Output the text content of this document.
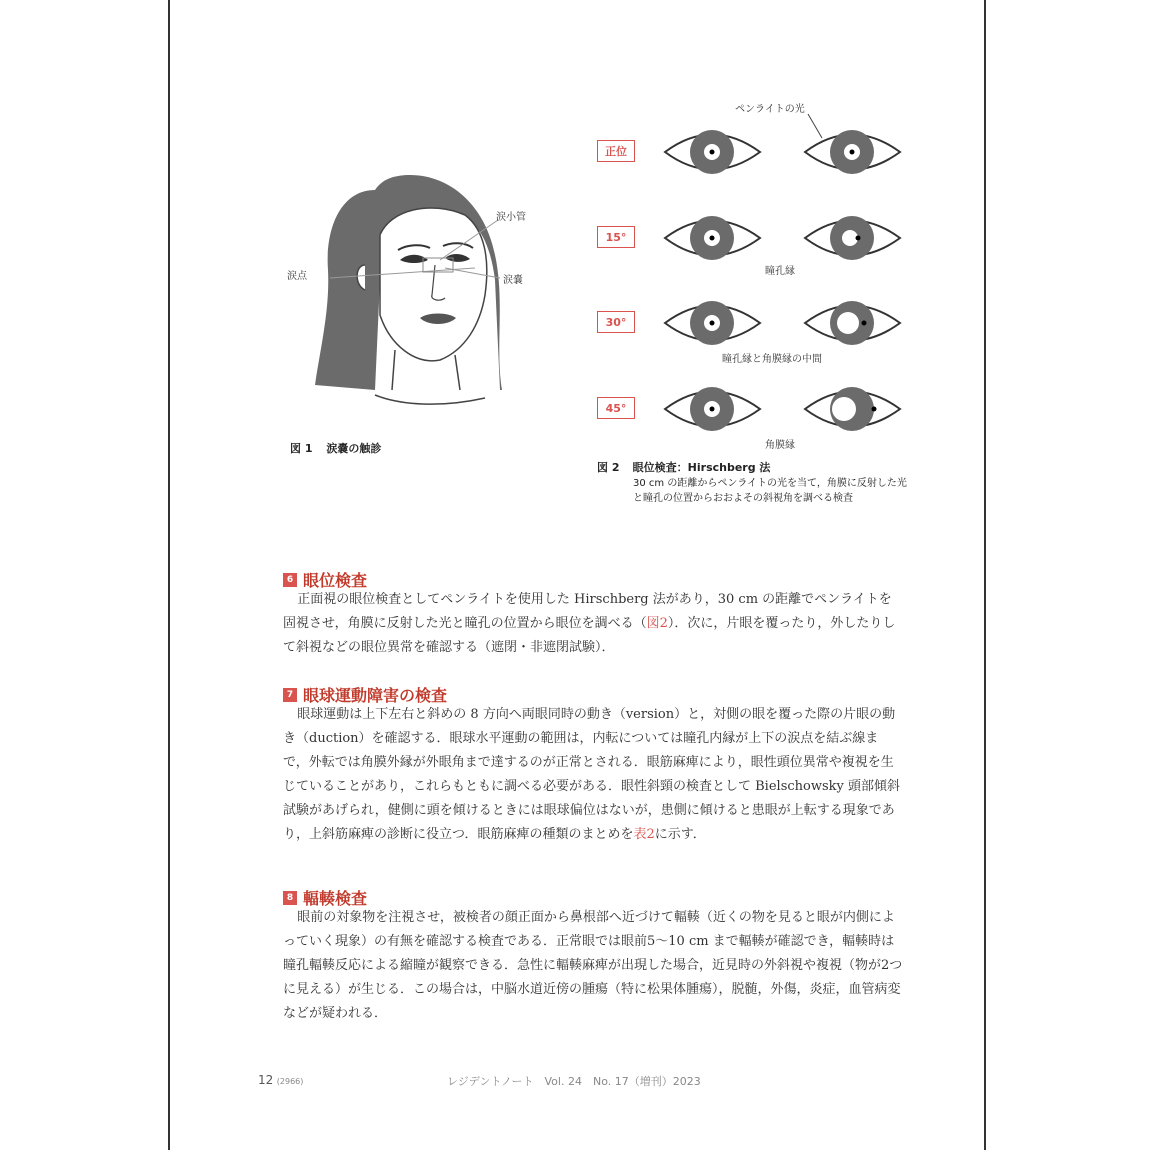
涙小管
涙点	涙嚢
図 1 涙嚢の触診
ペンライトの光
正位
15°
瞳孔縁
30°
瞳孔縁と角膜縁の中間
45°
角膜縁
図 2 眼位検査：Hirschberg 法
30 cm の距離からペンライトの光を当て，角膜に反射した光と瞳孔の位置からおおよその斜視角を調べる検査
6 眼位検査
正面視の眼位検査としてペンライトを使用した Hirschberg 法があり，30 cm の距離でペンライトを固視させ，角膜に反射した光と瞳孔の位置から眼位を調べる（図2）．次に，片眼を覆ったり，外したりして斜視などの眼位異常を確認する（遮閉・非遮閉試験）．
7 眼球運動障害の検査
眼球運動は上下左右と斜めの 8 方向へ両眼同時の動き（version）と，対側の眼を覆った際の片眼の動き（duction）を確認する．眼球水平運動の範囲は，内転については瞳孔内縁が上下の涙点を結ぶ線まで，外転では角膜外縁が外眼角まで達するのが正常とされる．眼筋麻痺により，眼性頭位異常や複視を生じていることがあり，これらもともに調べる必要がある．眼性斜頸の検査として Bielschowsky 頭部傾斜試験があげられ，健側に頭を傾けるときには眼球偏位はないが，患側に傾けると患眼が上転する現象であり，上斜筋麻痺の診断に役立つ．眼筋麻痺の種類のまとめを表2に示す．
8 輻輳検査
眼前の対象物を注視させ，被検者の顔正面から鼻根部へ近づけて輻輳（近くの物を見ると眼が内側によっていく現象）の有無を確認する検査である．正常眼では眼前5～10 cm まで輻輳が確認でき，輻輳時は瞳孔輻輳反応による縮瞳が観察できる．急性に輻輳麻痺が出現した場合，近見時の外斜視や複視（物が2つに見える）が生じる．この場合は，中脳水道近傍の腫瘍（特に松果体腫瘍），脱髄，外傷，炎症，血管病変などが疑われる．
12 (2966)	レジデントノート　Vol. 24　No. 17（増刊）2023
